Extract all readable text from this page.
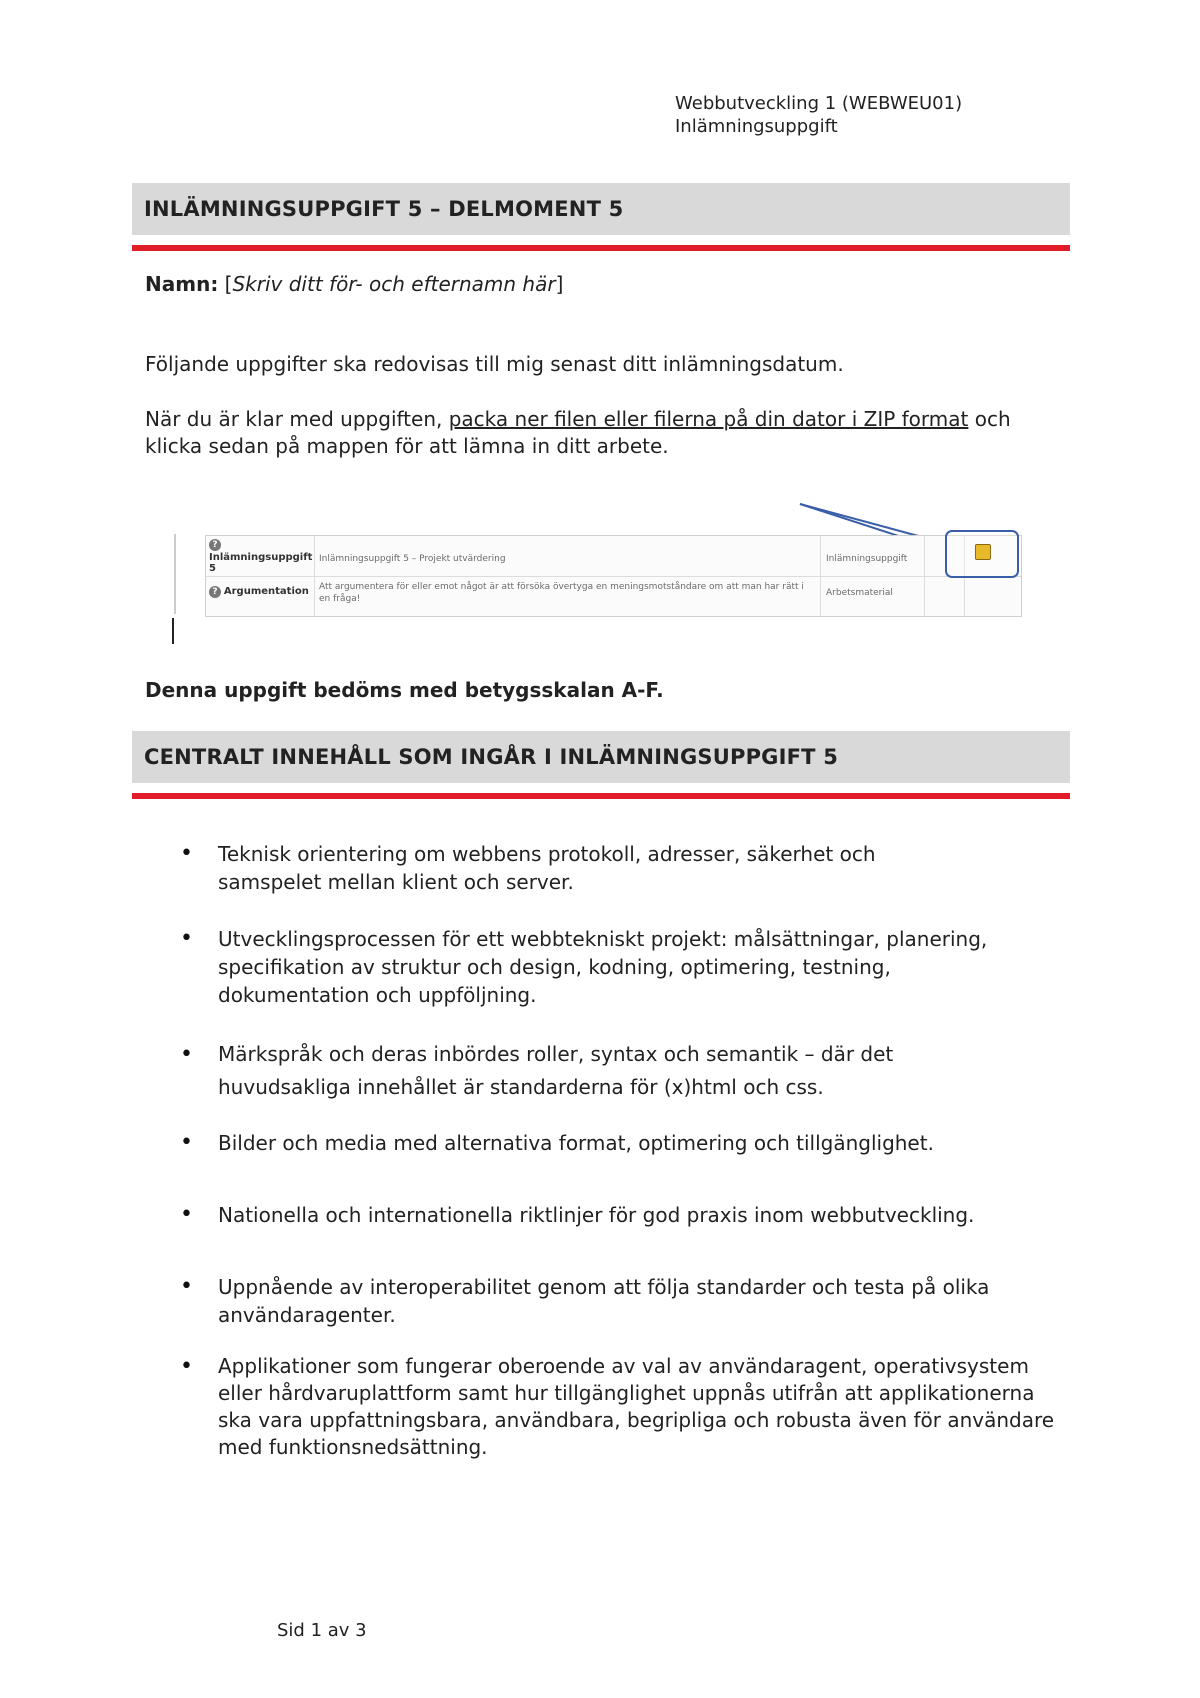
Webbutveckling 1 (WEBWEU01)
Inlämningsuppgift
INLÄMNINGSUPPGIFT 5 – DELMOMENT 5
Namn: [Skriv ditt för- och efternamn här]
Följande uppgifter ska redovisas till mig senast ditt inlämningsdatum.
När du är klar med uppgiften, packa ner filen eller filerna på din dator i ZIP format och klicka sedan på mappen för att lämna in ditt arbete.
?
Inlämningsuppgift 5
Inlämningsuppgift 5 – Projekt utvärdering	Inlämningsuppgift
? Argumentation	Att argumentera för eller emot något är att försöka övertyga en meningsmotståndare om att man har rätt i en fråga!
Arbetsmaterial
Denna uppgift bedöms med betygsskalan A-F.
CENTRALT INNEHÅLL SOM INGÅR I INLÄMNINGSUPPGIFT 5
• Teknisk orientering om webbens protokoll, adresser, säkerhet och samspelet mellan klient och server.
• Utvecklingsprocessen för ett webbtekniskt projekt: målsättningar, planering, specifikation av struktur och design, kodning, optimering, testning, dokumentation och uppföljning.
• Märkspråk och deras inbördes roller, syntax och semantik – där det huvudsakliga innehållet är standarderna för (x)html och css.
• Bilder och media med alternativa format, optimering och tillgänglighet.
• Nationella och internationella riktlinjer för god praxis inom webbutveckling.
• Uppnående av interoperabilitet genom att följa standarder och testa på olika användaragenter.
• Applikationer som fungerar oberoende av val av användaragent, operativsystem eller hårdvaruplattform samt hur tillgänglighet uppnås utifrån att applikationerna ska vara uppfattningsbara, användbara, begripliga och robusta även för användare med funktionsnedsättning.
Sid 1 av 3
